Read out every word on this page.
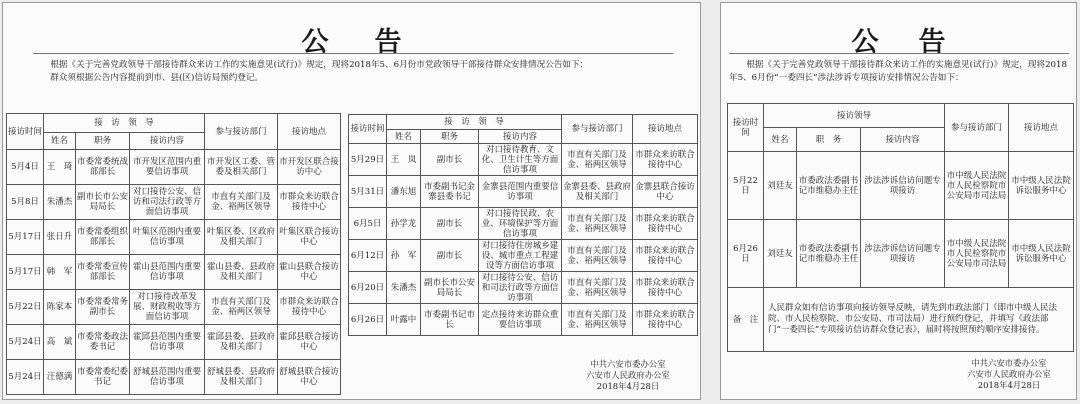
公告

根据《关于完善党政领导干部接待群众来访工作的实施意见(试行)》规定，现将2018年5、6月份市党政领导干部接待群众安排情况公告如下：

群众须根据公告内容提前到市、县(区)信访局预约登记。

接访时间	接　访　领　导			参与接访部门	接访地点
	姓名	职务	接访内容		
5月4日	王　琦	市委常委统战部部长	市开发区范围内重要信访事项	市开发区工委、管委及相关部门	市开发区联合接访中心
5月8日	朱潘杰	副市长市公安局局长	对口接待公安、信访和司法行政等方面信访事项	市直有关部门及金、裕两区领导	市群众来访联合接待中心
5月17日	张日升	市委常委组织部部长	叶集区范围内重要信访事项	叶集区委、区政府及相关部门	叶集区联合接访中心
5月17日	韩　军	市委常委宣传部部长	霍山县范围内重要信访事项	霍山县委、县政府及相关部门	霍山县联合接访中心
5月22日	陈家本	市委常委常务副市长	对口接待改革发展、财政税收等方面信访事项	市直有关部门及金、裕两区领导	市群众来访联合接待中心
5月24日	高　斌	市委常委政法委书记	霍邱县范围内重要信访事项	霍邱县委、县政府及相关部门	霍邱县联合接访中心
5月24日	汪德满	市委常委纪委书记	舒城县范围内重要信访事项	舒城县委、县政府及相关部门	舒城县联合接访中心
接访时间	接　访　领　导			参与接访部门	接访地点
	姓名	职务	接访内容		
5月29日	王　岚	副市长	对口接待教育、文化、卫生计生等方面信访事项	市直有关部门及金、裕两区领导	市群众来访联合接待中心
5月31日	潘东旭	市委副书记金寨县委书记	金寨县范围内重要信访事项	金寨县委、县政府及相关部门	金寨县联合接访中心
6月5日	孙学龙	副市长	对口接待民政、农业、环境保护等方面信访事项	市直有关部门及金、裕两区领导	市群众来访联合接待中心
6月12日	孙　军	副市长	对口接待住房城乡建设、城市重点工程建设等方面信访事项	市直有关部门及金、裕两区领导	市群众来访联合接待中心
6月20日	朱潘杰	副市长市公安局局长	对口接待公安、信访和司法行政等方面信访事项	市直有关部门及金、裕两区领导	市群众来访联合接待中心
6月26日	叶露中	市委副书记市长	定点接待来访群众重要信访事项	市直有关部门及金、裕两区领导	市群众来访联合接待中心
中共六安市委办公室
六安市人民政府办公室
2018年4月28日
公告

根据《关于完善党政领导干部接待群众来访工作的实施意见(试行)》规定，现将2018年5、6月份“一委四长”涉法涉诉专项接访安排情况公告如下：

接访时间	接访领导			参与接访部门	接访地点
	姓名	职　务	接访内容		
5月22日	刘廷友	市委政法委副书记市维稳办主任	涉法涉诉信访问题专项接访	市中级人民法院市人民检察院市公安局市司法局	市中级人民法院诉讼服务中心
6月26日	刘廷友	市委政法委副书记市维稳办主任	涉法涉诉信访问题专项接访	市中级人民法院市人民检察院市公安局市司法局	市中级人民法院诉讼服务中心
备　注	人民群众如有信访事项向接访领导反映，请先到市政法部门（即市中级人民法院、市人民检察院、市公安局、市司法局）进行预约登记，并填写《政法部门“一委四长”专项接访信访群众登记表》，届时将按照预约顺序安排接待。				
中共六安市委办公室
六安市人民政府办公室
2018年4月28日
